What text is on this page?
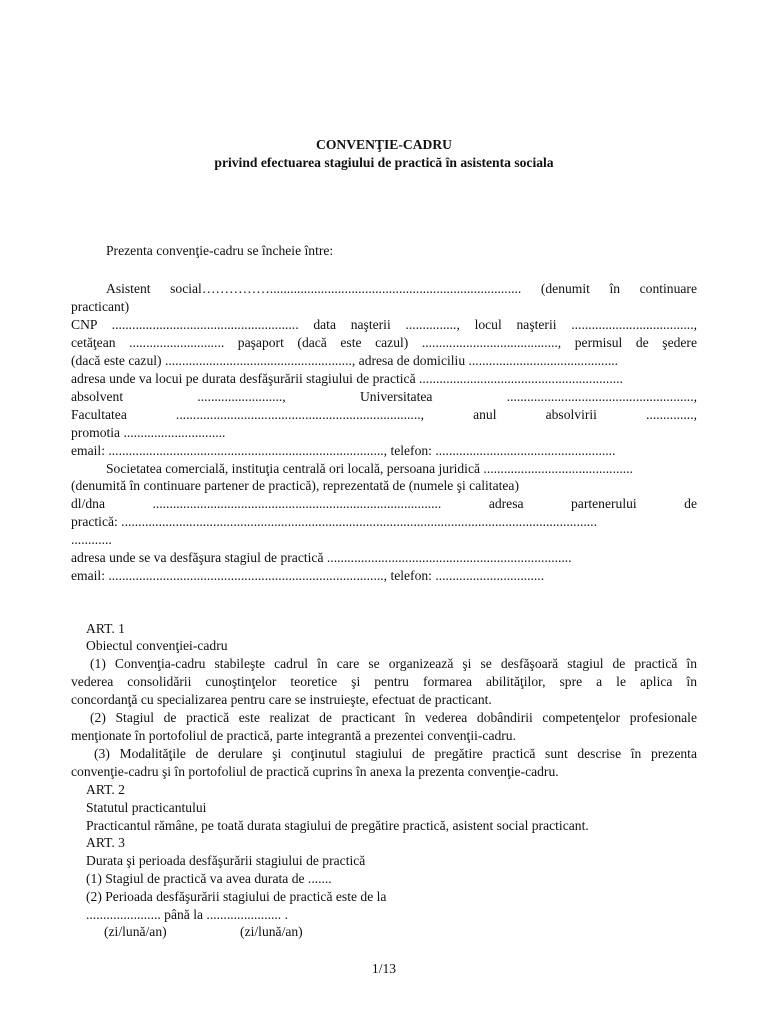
CONVENŢIE-CADRU
privind efectuarea stagiului de practică în asistenta sociala
Prezenta convenţie-cadru se încheie între:
Asistent social…………….......................................................................... (denumit în continuare
practicant)
CNP ....................................................... data naşterii ..............., locul naşterii ....................................,
cetăţean ............................ paşaport (dacă este cazul) ........................................, permisul de şedere
(dacă este cazul) ......................................................., adresa de domiciliu ............................................
adresa unde va locui pe durata desfăşurării stagiului de practică ............................................................
absolvent ........................., Universitatea .......................................................,
Facultatea ........................................................................, anul absolvirii ..............,
promotia ..............................
email: ................................................................................., telefon: .....................................................
Societatea comercială, instituţia centrală ori locală, persoana juridică ............................................
(denumită în continuare partener de practică), reprezentată de (numele şi calitatea)
dl/dna ..................................................................................... adresa partenerului de
practică: ............................................................................................................................................
............
adresa unde se va desfăşura stagiul de practică ........................................................................
email: ................................................................................., telefon: ................................
ART. 1
Obiectul convenţiei-cadru
(1) Convenţia-cadru stabileşte cadrul în care se organizează şi se desfăşoară stagiul de practică în
vederea consolidării cunoştinţelor teoretice şi pentru formarea abilităţilor, spre a le aplica în
concordanţă cu specializarea pentru care se instruieşte, efectuat de practicant.
(2) Stagiul de practică este realizat de practicant în vederea dobândirii competenţelor profesionale
menţionate în portofoliul de practică, parte integrantă a prezentei convenţii-cadru.
(3) Modalităţile de derulare şi conţinutul stagiului de pregătire practică sunt descrise în prezenta
convenţie-cadru şi în portofoliul de practică cuprins în anexa la prezenta convenţie-cadru.
ART. 2
Statutul practicantului
Practicantul rămâne, pe toată durata stagiului de pregătire practică, asistent social practicant.
ART. 3
Durata şi perioada desfăşurării stagiului de practică
(1) Stagiul de practică va avea durata de .......
(2) Perioada desfăşurării stagiului de practică este de la
...................... până la ...................... .
(zi/lună/an) (zi/lună/an)
1/13
